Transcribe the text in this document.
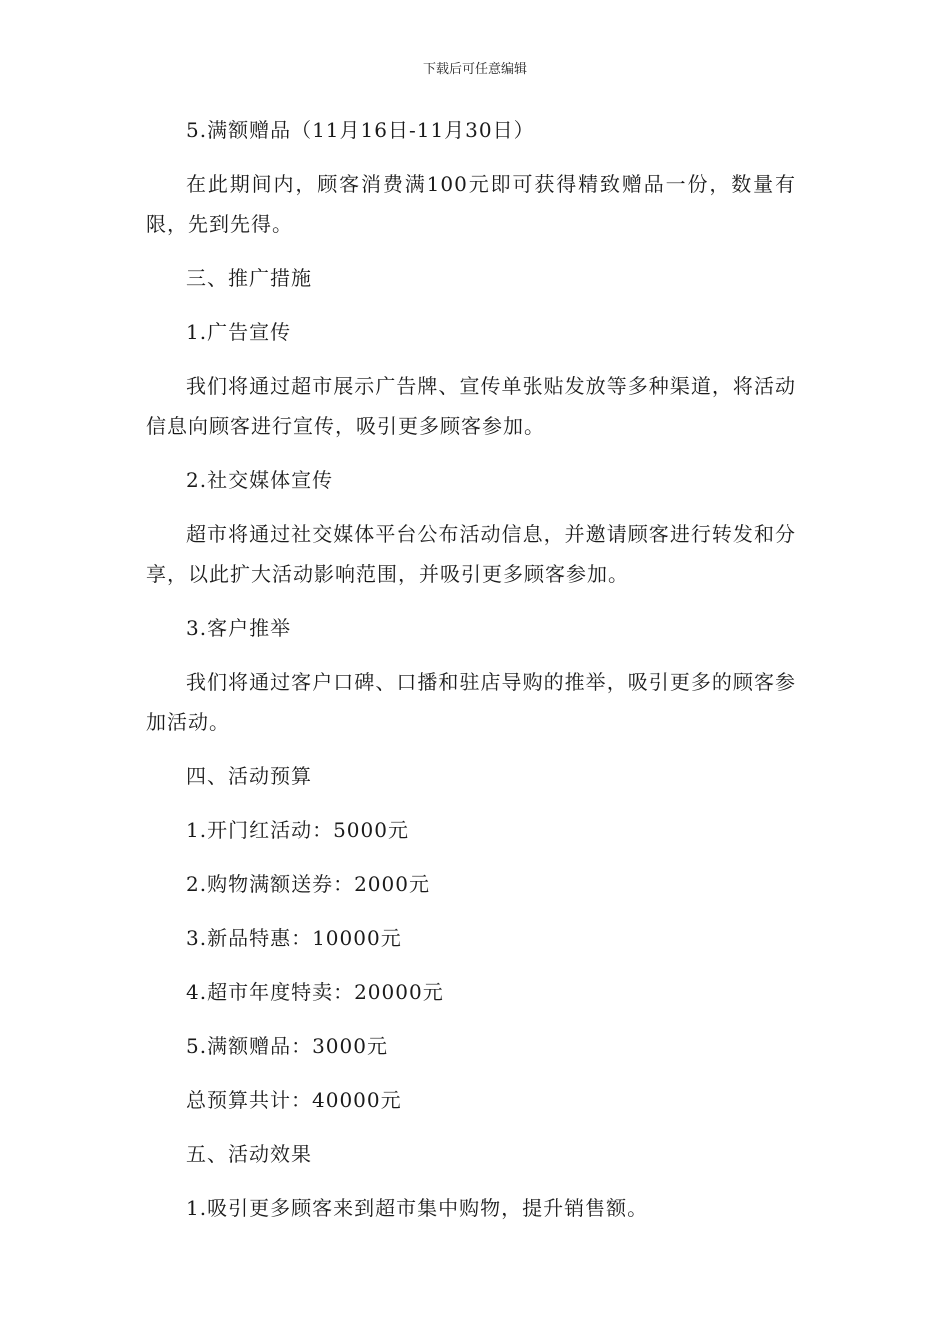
下载后可任意编辑

5.满额赠品（11月16日-11月30日）

在此期间内，顾客消费满100元即可获得精致赠品一份，数量有限，先到先得。

三、推广措施

1.广告宣传

我们将通过超市展示广告牌、宣传单张贴发放等多种渠道，将活动信息向顾客进行宣传，吸引更多顾客参加。

2.社交媒体宣传

超市将通过社交媒体平台公布活动信息，并邀请顾客进行转发和分享，以此扩大活动影响范围，并吸引更多顾客参加。

3.客户推举

我们将通过客户口碑、口播和驻店导购的推举，吸引更多的顾客参加活动。

四、活动预算

1.开门红活动：5000元

2.购物满额送券：2000元

3.新品特惠：10000元

4.超市年度特卖：20000元

5.满额赠品：3000元

总预算共计：40000元

五、活动效果

1.吸引更多顾客来到超市集中购物，提升销售额。
